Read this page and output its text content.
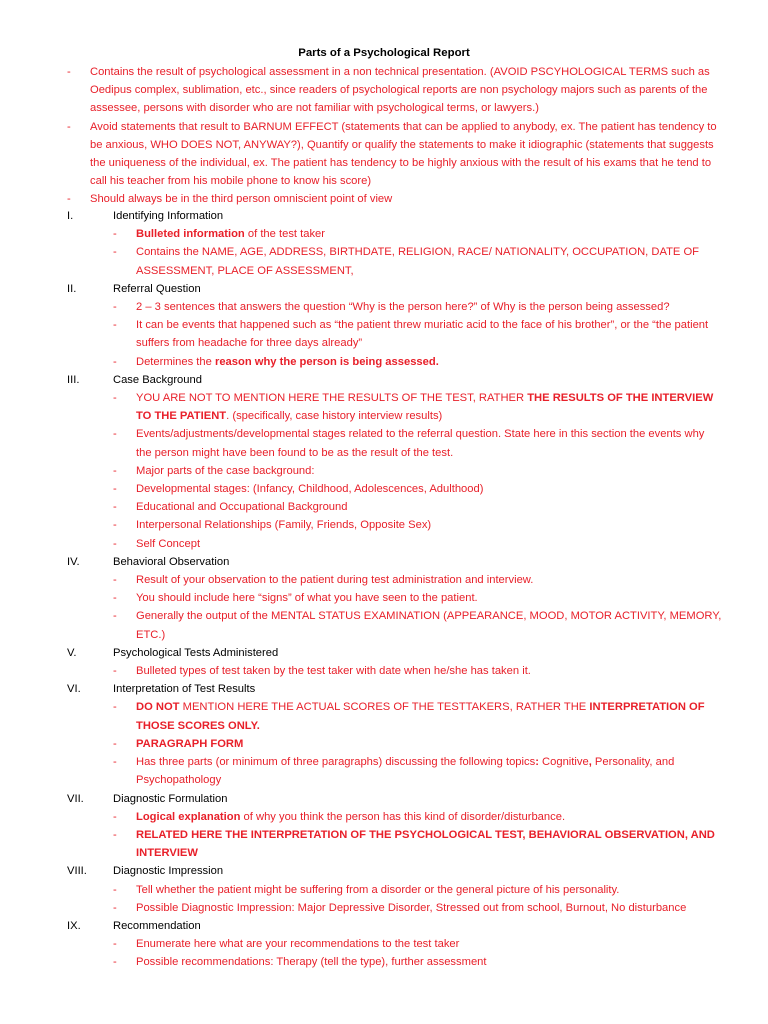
Parts of a Psychological Report
- Contains the result of psychological assessment in a non technical presentation. (AVOID PSCYHOLOGICAL TERMS such as Oedipus complex, sublimation, etc., since readers of psychological reports are non psychology majors such as parents of the assessee, persons with disorder who are not familiar with psychological terms, or lawyers.)
- Avoid statements that result to BARNUM EFFECT (statements that can be applied to anybody, ex. The patient has tendency to be anxious, WHO DOES NOT, ANYWAY?), Quantify or qualify the statements to make it idiographic (statements that suggests the uniqueness of the individual, ex. The patient has tendency to be highly anxious with the result of his exams that he tend to call his teacher from his mobile phone to know his score)
- Should always be in the third person omniscient point of view
I.	Identifying Information
- Bulleted information of the test taker
- Contains the NAME, AGE, ADDRESS, BIRTHDATE, RELIGION, RACE/ NATIONALITY, OCCUPATION, DATE OF ASSESSMENT, PLACE OF ASSESSMENT,
II.	Referral Question
- 2 – 3 sentences that answers the question “Why is the person here?” of Why is the person being assessed?
- It can be events that happened such as “the patient threw muriatic acid to the face of his brother”, or the “the patient suffers from headache for three days already”
- Determines the reason why the person is being assessed.
III.	Case Background
- YOU ARE NOT TO MENTION HERE THE RESULTS OF THE TEST, RATHER THE RESULTS OF THE INTERVIEW TO THE PATIENT. (specifically, case history interview results)
- Events/adjustments/developmental stages related to the referral question. State here in this section the events why the person might have been found to be as the result of the test.
- Major parts of the case background:
- Developmental stages: (Infancy, Childhood, Adolescences, Adulthood)
- Educational and Occupational Background
- Interpersonal Relationships (Family, Friends, Opposite Sex)
- Self Concept
IV.	Behavioral Observation
- Result of your observation to the patient during test administration and interview.
- You should include here “signs” of what you have seen to the patient.
- Generally the output of the MENTAL STATUS EXAMINATION (APPEARANCE, MOOD, MOTOR ACTIVITY, MEMORY, ETC.)
V.	Psychological Tests Administered
- Bulleted types of test taken by the test taker with date when he/she has taken it.
VI.	Interpretation of Test Results
- DO NOT MENTION HERE THE ACTUAL SCORES OF THE TESTTAKERS, RATHER THE INTERPRETATION OF THOSE SCORES ONLY.
- PARAGRAPH FORM
- Has three parts (or minimum of three paragraphs) discussing the following topics: Cognitive, Personality, and Psychopathology
VII.	Diagnostic Formulation
- Logical explanation of why you think the person has this kind of disorder/disturbance.
- RELATED HERE THE INTERPRETATION OF THE PSYCHOLOGICAL TEST, BEHAVIORAL OBSERVATION, AND INTERVIEW
VIII. Diagnostic Impression
- Tell whether the patient might be suffering from a disorder or the general picture of his personality.
- Possible Diagnostic Impression: Major Depressive Disorder, Stressed out from school, Burnout, No disturbance
IX.	Recommendation
- Enumerate here what are your recommendations to the test taker
- Possible recommendations: Therapy (tell the type), further assessment
